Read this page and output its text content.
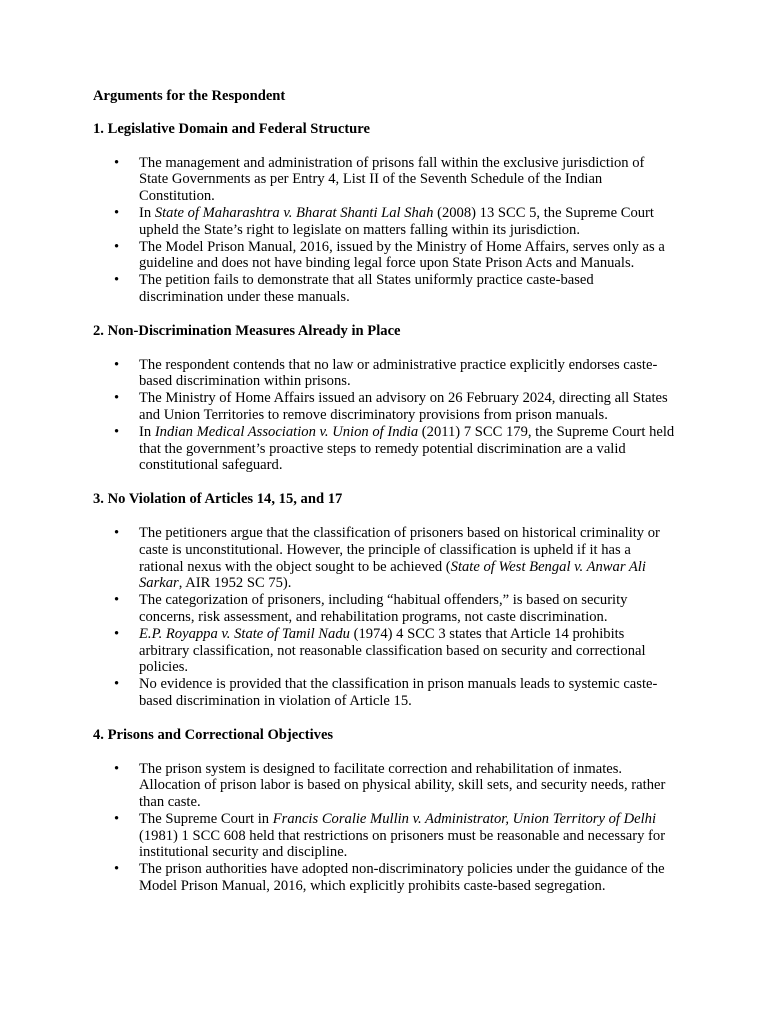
Arguments for the Respondent
1. Legislative Domain and Federal Structure
• The management and administration of prisons fall within the exclusive jurisdiction of State Governments as per Entry 4, List II of the Seventh Schedule of the Indian Constitution.
• In State of Maharashtra v. Bharat Shanti Lal Shah (2008) 13 SCC 5, the Supreme Court upheld the State’s right to legislate on matters falling within its jurisdiction.
• The Model Prison Manual, 2016, issued by the Ministry of Home Affairs, serves only as a guideline and does not have binding legal force upon State Prison Acts and Manuals.
• The petition fails to demonstrate that all States uniformly practice caste-based discrimination under these manuals.
2. Non-Discrimination Measures Already in Place
• The respondent contends that no law or administrative practice explicitly endorses caste-based discrimination within prisons.
• The Ministry of Home Affairs issued an advisory on 26 February 2024, directing all States and Union Territories to remove discriminatory provisions from prison manuals.
• In Indian Medical Association v. Union of India (2011) 7 SCC 179, the Supreme Court held that the government’s proactive steps to remedy potential discrimination are a valid constitutional safeguard.
3. No Violation of Articles 14, 15, and 17
• The petitioners argue that the classification of prisoners based on historical criminality or caste is unconstitutional. However, the principle of classification is upheld if it has a rational nexus with the object sought to be achieved (State of West Bengal v. Anwar Ali Sarkar, AIR 1952 SC 75).
• The categorization of prisoners, including “habitual offenders,” is based on security concerns, risk assessment, and rehabilitation programs, not caste discrimination.
• E.P. Royappa v. State of Tamil Nadu (1974) 4 SCC 3 states that Article 14 prohibits arbitrary classification, not reasonable classification based on security and correctional policies.
• No evidence is provided that the classification in prison manuals leads to systemic caste-based discrimination in violation of Article 15.
4. Prisons and Correctional Objectives
• The prison system is designed to facilitate correction and rehabilitation of inmates. Allocation of prison labor is based on physical ability, skill sets, and security needs, rather than caste.
• The Supreme Court in Francis Coralie Mullin v. Administrator, Union Territory of Delhi (1981) 1 SCC 608 held that restrictions on prisoners must be reasonable and necessary for institutional security and discipline.
• The prison authorities have adopted non-discriminatory policies under the guidance of the Model Prison Manual, 2016, which explicitly prohibits caste-based segregation.
